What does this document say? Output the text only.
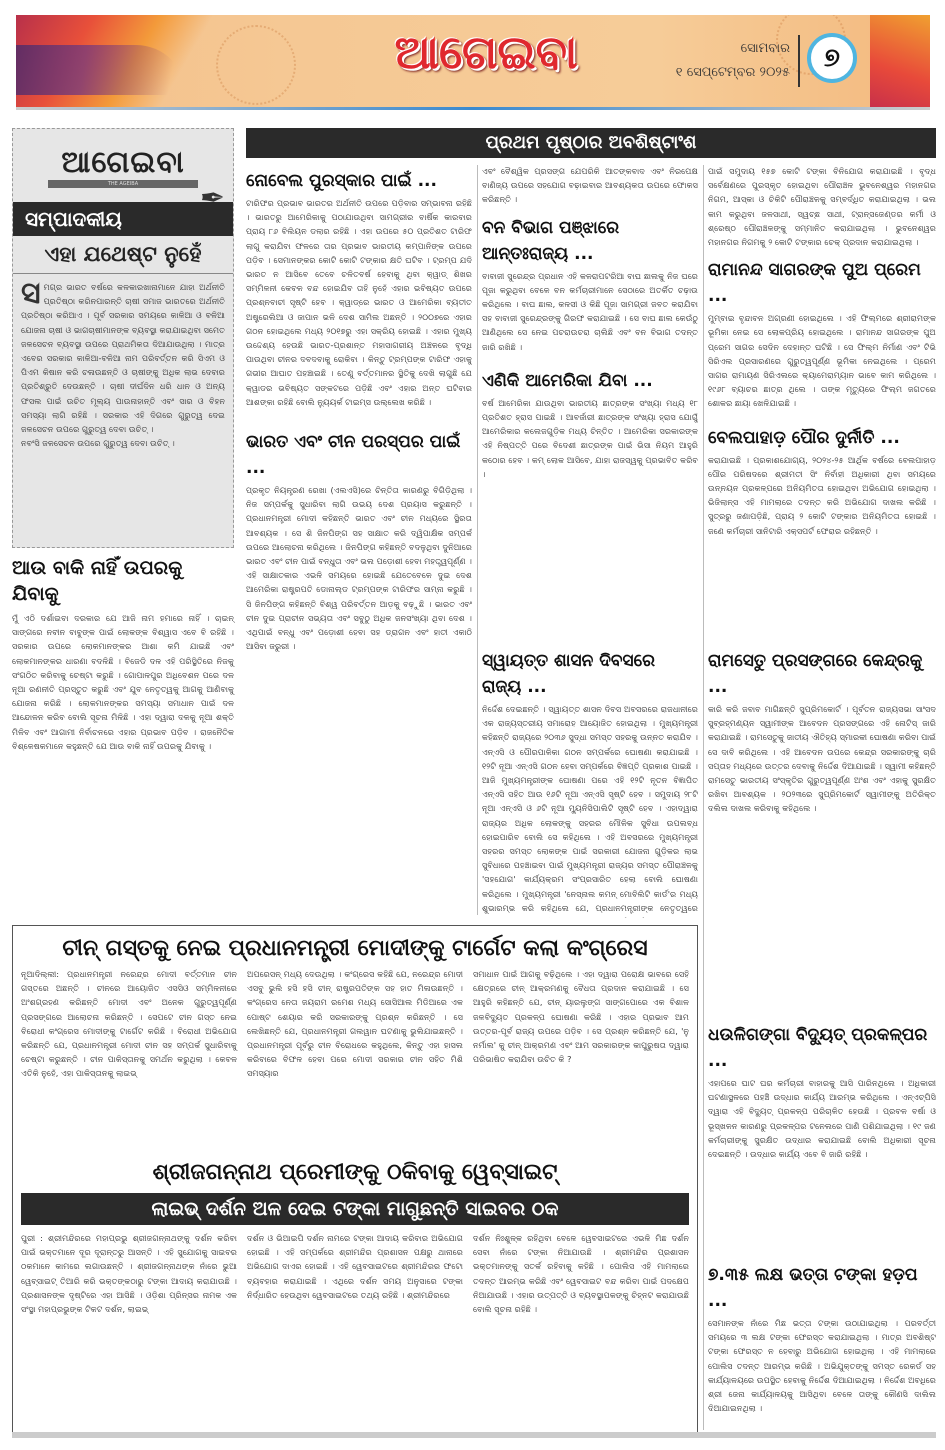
ଆଗେଇବା	ସୋମବାର
୧ ସେପ୍ଟେମ୍ବର ୨୦୨୫	୭
ଆଗେଇବା
THE AGEIBA
ସମ୍ପାଦକୀୟ
✒
ଏହା ଯଥେଷ୍ଟ ନୁହେଁ
ସ ମଗ୍ର ଭାରତ ବର୍ଷରେ କଳକାରଖାନାମାନେ ଯାହା ଅର୍ଥନୀତି ପ୍ରତିଷ୍ଠା କରିନପାରନ୍ତି ଚାଷୀ ସମାଜ ଭାରତରେ ଅର୍ଥନୀତି ପ୍ରତିଷ୍ଠା କରିଆଏ । ପୂର୍ବ ସରକାର ସମୟରେ କାଳିଆ ଓ ବଳିଆ ଯୋଜନା ଚାଷୀ ଓ ଭାଗଚାଷୀମାନଙ୍କ ବ୍ୟବସ୍ଥା କରାଯାଇଥିବା ସମେତ ଜଳସେଚନ ବ୍ୟବସ୍ଥା ଉପରେ ପ୍ରାଥମିକତା ଦିଆଯାଉଥିଲା । ମାତ୍ର ଏବେର ସରକାର କାଳିଆ-ବଳିଆ ନାମ ପରିବର୍ତ୍ତନ କରି ସିଏମ ଓ ପିଏମ କିଷାନ କରି ଚଳାଉଛନ୍ତି ଓ ଚାଷୀଙ୍କୁ ଅଧିକ ଲାଭ ଦେବାର ପ୍ରତିଶ୍ରୁତି ଦେଉଛନ୍ତି । ଚାଷୀ ଦୀର୍ଘଦିନ ଧରି ଧାନ ଓ ଅନ୍ୟ ଫସଲ ପାଇଁ ଉଚିତ ମୂଲ୍ୟ ପାଉନାହାନ୍ତି ଏବଂ ସାର ଓ ବିହନ ସମସ୍ୟା ଲାଗି ରହିଛି । ସରକାର ଏହି ଦିଗରେ ଗୁରୁତ୍ୱ ଦେଇ ଜଳସେଚନ ଉପରେ ଗୁରୁତ୍ୱ ଦେବା ଉଚିତ୍ ।
ନବଂସି ଜଳସେଚନ ଉପରେ ଗୁରୁତ୍ୱ ଦେବା ଉଚିତ୍ ।
ଆଉ ବାକି ନାହିଁ ଉପରକୁ ଯିବାକୁ
ମୁଁ ଏଠି ଦର୍ଶାଇବା ଦରକାର ଯେ ଆଜି ନାମ ହମାରେ ନାହିଁ । ଚାଇନ୍ ସାଙ୍ଗରେ ନବୀନ ବାବୁଙ୍କ ପାଇଁ ଲୋକଙ୍କ ବିଶ୍ୱାସ ଏବେ ବି ରହିଛି । ସରକାର ଉପରେ ଲୋକମାନଙ୍କର ଆଶା କମି ଯାଇଛି ଏବଂ ଲୋକମାନଙ୍କର ଧାରଣା ବଦଳିଛି । ବିଜେଡି ଦଳ ଏହି ପରିସ୍ଥିତିରେ ନିଜକୁ ସଂଗଠିତ କରିବାକୁ ଚେଷ୍ଟା କରୁଛି । ଗୋପାଳପୁର ଅଧିବେଶନ ପରେ ଦଳ ନୂଆ ରଣନୀତି ପ୍ରସ୍ତୁତ କରୁଛି ଏବଂ ଯୁବ ନେତୃତ୍ୱକୁ ଆଗକୁ ଆଣିବାକୁ ଯୋଜନା କରିଛି । ଲୋକମାନଙ୍କର ସମସ୍ୟା ସମାଧାନ ପାଇଁ ଦଳ ଆନ୍ଦୋଳନ କରିବ ବୋଲି ସୂଚନା ମିଳିଛି । ଏହା ଦ୍ୱାରା ଦଳକୁ ନୂଆ ଶକ୍ତି ମିଳିବ ଏବଂ ଆଗାମୀ ନିର୍ବାଚନରେ ଏହାର ପ୍ରଭାବ ପଡ଼ିବ । ରାଜନୈତିକ ବିଶ୍ଳେଷକମାନେ କହୁଛନ୍ତି ଯେ ଆଉ ବାକି ନାହିଁ ଉପରକୁ ଯିବାକୁ ।
ପ୍ରଥମ ପୃଷ୍ଠାର ଅବଶିଷ୍ଟାଂଶ
ନୋବେଲ ପୁରସ୍କାର ପାଇଁ ...
ଟାରିଫର ପ୍ରଭାବ ଭାରତର ଅର୍ଥନୀତି ଉପରେ ପଡ଼ିବାର ସମ୍ଭାବନା ରହିଛି । ଭାରତରୁ ଆମେରିକାକୁ ପଠାଯାଉଥିବା ସାମଗ୍ରୀର ବାର୍ଷିକ କାରବାର ପ୍ରାୟ ୮୬ ବିଲିୟନ ଡଲାର ରହିଛି । ଏହା ଉପରେ ୫୦ ପ୍ରତିଶତ ଟାରିଫ ଲାଗୁ କରାଯିବା ଫଳରେ ତାର ପ୍ରଭାବ ଭାରତୀୟ କମ୍ପାନିଙ୍କ ଉପରେ ପଡ଼ିବ । ସେମାନଙ୍କର କୋଟି କୋଟି ଟଙ୍କାର କ୍ଷତି ଘଟିବ । ଟ୍ରମ୍ପ ଯଦି ଭାରତ ନ ଆସିବେ ତେବେ ଚଳିତବର୍ଷ ହେବାକୁ ଥିବା କ୍ୱାଡ୍ ଶିଖର ସମ୍ମିଳନୀ କେବଳ ବନ୍ଦ ହୋଇଯିବ ତାହି ନୁହେଁ ଏହାର ଭବିଷ୍ୟତ ଉପରେ ପ୍ରଶ୍ନବାଚୀ ସୃଷ୍ଟି ହେବ । କ୍ୱାଡ୍‌ରେ ଭାରତ ଓ ଆମେରିକା ବ୍ୟତୀତ ଅଷ୍ଟ୍ରେଲିଆ ଓ ଜାପାନ ଭଳି ଦେଶ ସାମିଲ ଅଛନ୍ତି । ୨୦୦୭ରେ ଏହାର ଗଠନ ହୋଇଥିଲେ ମଧ୍ୟ ୨୦୧୭ରୁ ଏହା ସକ୍ରିୟ ହୋଇଛି । ଏହାର ମୁଖ୍ୟ ଉଦ୍ଦେଶ୍ୟ ହେଉଛି ଭାରତ-ପ୍ରଶାନ୍ତ ମହାସାଗରୀୟ ଅଞ୍ଚଳରେ ବୃଦ୍ଧି ପାଉଥିବା ଚୀନର ଦବଦବାକୁ ରୋକିବା । କିନ୍ତୁ ଟ୍ରମ୍ପଙ୍କ ଟାରିଫ ଏହାକୁ ଗଭୀର ଆଘାତ ପହଞ୍ଚାଇଛି । ତେଣୁ ବର୍ତ୍ତମାନର ସ୍ଥିତିକୁ ଦେଖି ଲାଗୁଛି ଯେ କ୍ୱାଡର ଭବିଷ୍ୟତ ସଙ୍କଟରେ ପଡ଼ିଛି ଏବଂ ଏହାର ଅନ୍ତ ଘଟିବାର ଆଶଙ୍କା ରହିଛି ବୋଲି ନ୍ୟୁୟର୍କ ଟାଇମ୍ସ ଉଲ୍ଲେଖ କରିଛି ।
ଭାରତ ଏବଂ ଚୀନ ପରସ୍ପର ପାଇଁ ...
ପ୍ରକୃତ ନିୟନ୍ତ୍ରଣ ରେଖା (ଏଲଏସି)ରେ ଚିନ୍ତିତା କାରଣରୁ ବିଗିଡ଼ିଥିଲା । ନିଜ ସମ୍ପର୍କକୁ ସୁଧାରିବା ଲାଗି ଉଭୟ ଦେଶ ପ୍ରୟାସ କରୁଛନ୍ତି । ପ୍ରଧାନମନ୍ତ୍ରୀ ମୋଦୀ କହିଛନ୍ତି ଭାରତ ଏବଂ ଚୀନ ମଧ୍ୟରେ ସ୍ଥିରତା ଆବଶ୍ୟକ । ସେ ଶି ଜିନପିଙ୍ଗ ସହ ସାକ୍ଷାତ କରି ଦ୍ୱିପାକ୍ଷିକ ସମ୍ପର୍କ ଉପରେ ଆଲୋଚନା କରିଥିଲେ । ଜିନପିଙ୍ଗ କହିଛନ୍ତି ବଦଳୁଥିବା ଦୁନିଆରେ ଭାରତ ଏବଂ ଚୀନ ପାଇଁ ବନ୍ଧୁତା ଏବଂ ଭଲ ପଡ଼ୋଶୀ ହେବା ମହତ୍ତ୍ୱପୂର୍ଣ୍ଣ । ଏହି ସାକ୍ଷାତକାର ଏଭଳି ସମୟରେ ହୋଇଛି ଯେତେବେଳେ ଦୁଇ ଦେଶ ଆମେରିକା ରାଷ୍ଟ୍ରପତି ଡୋନାଲ୍ଡ ଟ୍ରମ୍ପଙ୍କ ଟାରିଫର ସାମ୍ନା କରୁଛି । ସି ଜିନପିଙ୍ଗ କହିଛନ୍ତି ବିଶ୍ୱ ପରିବର୍ତ୍ତନ ଆଡ଼କୁ ବଢ଼ୁଛି । ଭାରତ ଏବଂ ଚୀନ ଦୁଇ ପ୍ରାଚୀନ ସଭ୍ୟତା ଏବଂ ସବୁଠୁ ଅଧିକ ଜନସଂଖ୍ୟା ଥିବା ଦେଶ । ଏଥିପାଇଁ ବନ୍ଧୁ ଏବଂ ପଡ଼ୋଶୀ ହେବା ସହ ଡ୍ରାଗନ ଏବଂ ହାତୀ ଏକାଠି ଆସିବା ଜରୁରୀ ।
ଏବଂ ବୈଶ୍ୱିକ ପ୍ରସଙ୍ଗ ଯେପରିକି ଆତଙ୍କବାଦ ଏବଂ ନିରପେକ୍ଷ ବାଣିଜ୍ୟ ଉପରେ ସହଯୋଗ ବଢ଼ାଇବାର ଆବଶ୍ୟକତା ଉପରେ ଫୋକସ କରିଛନ୍ତି ।
ବନ ବିଭାଗ ପଞ୍ଝାରେ ଆନ୍ତଃରାଜ୍ୟ ...
ବାବାଜୀ ସୁରେନ୍ଦ୍ର ପ୍ରଧାନ ଏହି କଳରାପଟରିଆ ବାଘ ଛାଲକୁ ନିଜ ଘରେ ପୂଜା କରୁଥିବା ବେଳେ ବନ କର୍ମଚାରୀମାନେ ସେଠାରେ ଅତର୍କିତ ଚଢ଼ାଉ କରିଥିଲେ । ବାଘ ଛାଲ, କଳସୀ ଓ କିଛି ପୂଜା ସାମଗ୍ରୀ ଜବତ କରାଯିବା ସହ ବାବାଜୀ ସୁରେନ୍ଦ୍ରଙ୍କୁ ଗିରଫ କରାଯାଇଛି । ସେ ବାଘ ଛାଲ କେଉଁଠୁ ଆଣିଥିଲେ ସେ ନେଇ ପଚରାଉଚରା ଚାଲିଛି ଏବଂ ବନ ବିଭାଗ ତଦନ୍ତ ଜାରି ରଖିଛି ।
ଏଣିକି ଆମେରିକା ଯିବା ...
ବର୍ଷ ଆମେରିକା ଯାଉଥିବା ଭାରତୀୟ ଛାତ୍ରଙ୍କ ସଂଖ୍ୟା ମଧ୍ୟ ୧୮ ପ୍ରତିଶତ ହ୍ରାସ ପାଇଛି । ଆବର୍ଜାରୀ ଛାତ୍ରଙ୍କ ସଂଖ୍ୟା ହ୍ରାସ ଯୋଗୁଁ ଆମେରିକାର କଲେଜଗୁଡ଼ିକ ମଧ୍ୟ ଚିନ୍ତିତ । ଆମେରିକା ସରକାରଙ୍କ ଏହି ନିଷ୍ପତ୍ତି ପରେ ବିଦେଶୀ ଛାତ୍ରଙ୍କ ପାଇଁ ଭିସା ନିୟମ ଆହୁରି କଠୋର ହେବ । କମ୍ ଲୋକ ଆସିବେ, ଯାହା ରାଜସ୍ୱକୁ ପ୍ରଭାବିତ କରିବ ।
ସ୍ୱାୟତ୍ତ ଶାସନ ଦିବସରେ ରାଜ୍ୟ ...
ନିର୍ଦ୍ଦେଶ ଦେଇଛନ୍ତି । ସ୍ୱାୟତ୍ତ ଶାସନ ଦିବସ ଅବସରରେ ରାଜଧାନୀରେ ଏକ ରାଜ୍ୟସ୍ତରୀୟ ସମାରୋହ ଆୟୋଜିତ ହୋଇଥିଲା । ମୁଖ୍ୟମନ୍ତ୍ରୀ କହିଛନ୍ତି ରାଜ୍ୟରେ ୨୦୩୬ ସୁଦ୍ଧା ସମସ୍ତ ସହରକୁ ଉନ୍ନତ କରାଯିବ । ଏନ୍‌ଏସି ଓ ପୌରପାଳିକା ଗଠନ ସମ୍ପର୍କରେ ଘୋଷଣା କରାଯାଇଛି । ୧୨ଟି ନୂଆ ଏନ୍‌ଏସି ଗଠନ ହେବା ସମ୍ପର୍କରେ ବିଜ୍ଞପ୍ତି ପ୍ରକାଶ ପାଇଛି । ଆଜି ମୁଖ୍ୟମନ୍ତ୍ରୀଙ୍କ ଘୋଷଣା ପରେ ଏହି ୧୨ଟି ନୂତନ ବିଜ୍ଞାପିତ ଏନ୍‌ଏସି ସହିତ ଆଉ ୧୬ଟି ନୂଆ ଏନ୍‌ଏସି ସୃଷ୍ଟି ହେବ । ସମୁଦାୟ ୨୮ଟି ନୂଆ ଏନ୍‌ଏସି ଓ ୬ଟି ନୂଆ ମ୍ୟୁନିସିପାଲିଟି ସୃଷ୍ଟି ହେବ । ଏହାଦ୍ୱାରା ରାଜ୍ୟର ଅଧିକ ଲୋକଙ୍କୁ ସହରର ମୌଳିକ ସୁବିଧା ଉପଲବ୍ଧ ହୋଇପାରିବ ବୋଲି ସେ କହିଥିଲେ । ଏହି ଅବସରରେ ମୁଖ୍ୟମନ୍ତ୍ରୀ ସହରର ସମସ୍ତ ଲୋକଙ୍କ ପାଇଁ ସରକାରୀ ଯୋଜନା ଗୁଡ଼ିକର ଲାଭ ସୁବିଧାରେ ପହଞ୍ଚାଇବା ପାଇଁ ମୁଖ୍ୟମନ୍ତ୍ରୀ ରାଜ୍ୟର ସମସ୍ତ ପୌରାଞ୍ଚଳକୁ 'ସହଯୋଗ' କାର୍ଯ୍ୟକ୍ରମ ସଂପ୍ରସାରିତ ହେଲା ବୋଲି ଘୋଷଣା କରିଥିଲେ । ମୁଖ୍ୟମନ୍ତ୍ରୀ 'ନେସ୍‌ନାଲ କମନ୍ ମୋବିଲିଟି କାର୍ଡ'ର ମଧ୍ୟ ଶୁଭାରମ୍ଭ କରି କହିଥିଲେ ଯେ, ପ୍ରଧାନମନ୍ତ୍ରୀଙ୍କ ନେତୃତ୍ୱରେ
ପାଇଁ ସମୁଦାୟ ୧୫୭ କୋଟି ଟଙ୍କା ବିନିଯୋଗ କରାଯାଇଛି । ବୃଦ୍ଧ ସର୍ବେକ୍ଷଣରେ ପୁରସ୍କୃତ ହୋଇଥିବା ପୌରାଞ୍ଚଳ ଭୁବନେଶ୍ୱର ମହାନଗର ନିଗମ, ଆସ୍କା ଓ ଚିକିଟି ପୌରାଞ୍ଚଳକୁ ସମ୍ବର୍ଦ୍ଧିତ କରାଯାଇଥିଲା । ଭଲ କାମ କରୁଥିବା ଜଳସାଥୀ, ସ୍ୱଚ୍ଛ ସାଥୀ, ଟ୍ରାନ୍ସଜେଣ୍ଡର କର୍ମୀ ଓ ଶ୍ରେଷ୍ଠ ପୌରାଞ୍ଚଳଙ୍କୁ ସମ୍ମାନିତ କରାଯାଇଥିଲା । ଭୁବନେଶ୍ୱର ମହାନଗର ନିଗମକୁ ୨ କୋଟି ଟଙ୍କାର ଚେକ୍ ପ୍ରଦାନ କରାଯାଇଥିଲା ।
ରାମାନନ୍ଦ ସାଗରଙ୍କ ପୁଅ ପ୍ରେମ ...
ମୁମ୍ବାଇ ବୃନ୍ଦାବନ ଅଗ୍ରଣୀ ହୋଇଥିଲେ । ଏହି ଫିଲ୍ମରେ ଶ୍ରୀରାମଙ୍କ ଭୂମିକା ନେଇ ସେ ଲୋକପ୍ରିୟ ହୋଇଥିଲେ । ରାମାନନ୍ଦ ସାଗରଙ୍କ ପୁଅ ପ୍ରେମ ସାଗର ସେଦିନ ଦେହାନ୍ତ ଘଟିଛି । ସେ ଫିଲ୍ମ ନିର୍ମାଣ ଏବଂ ଟିଭି ସିରିଏଲ ପ୍ରସାରଣରେ ଗୁରୁତ୍ୱପୂର୍ଣ୍ଣ ଭୂମିକା ନେଇଥିଲେ । ପ୍ରେମ ସାଗର ରାମାୟଣ ସିରିଏଲରେ କ୍ୟାମେରାମ୍ୟାନ ଭାବେ କାମ କରିଥିଲେ । ୧୯୬୮ ବ୍ୟାଚର ଛାତ୍ର ଥିଲେ । ତାଙ୍କ ମୃତ୍ୟୁରେ ଫିଲ୍ମ ଜଗତରେ ଶୋକର ଛାୟା ଖେଳିଯାଇଛି ।
ବେଲପାହାଡ଼ ପୌର ଦୁର୍ନୀତି ...
କରାଯାଇଛି । ପ୍ରକାଶଯୋଗ୍ୟ, ୨୦୨୪-୨୫ ଆର୍ଥିକ ବର୍ଷରେ ବେଲପାହାଡ଼ ପୌର ପରିଷଦରେ ଶ୍ରୀମତୀ ସିଂ ନିର୍ବାହୀ ଅଧିକାରୀ ଥିବା ସମୟରେ ଉନ୍ନୟନ ପ୍ରକଳ୍ପରେ ଅନିୟମିତତା ହୋଇଥିବା ଅଭିଯୋଗ ହୋଇଥିଲା । ଭିଜିଲାନ୍ସ ଏହି ମାମଲାରେ ତଦନ୍ତ କରି ଅଭିଯୋଗ ଦାଖଲ କରିଛି । ସୁତ୍ରରୁ ଜଣାପଡ଼ିଛି, ପ୍ରାୟ ୨ କୋଟି ଟଙ୍କାର ଅନିୟମିତତା ହୋଇଛି । ଜଣେ କର୍ମଚାରୀ ସାନିଟାରି ଏକ୍ସପର୍ଟ ଫେରାର ରହିଛନ୍ତି ।
ରାମସେତୁ ପ୍ରସଙ୍ଗରେ କେନ୍ଦ୍ରକୁ ...
କାରି କରି ଜବାବ ମାଗିଛନ୍ତି ସୁପ୍ରିମକୋର୍ଟ । ପୂର୍ବତନ ରାଜ୍ୟସଭା ସାଂସଦ ସୁବ୍ରହ୍ମଣ୍ୟନ ସ୍ୱାମୀଙ୍କ ଆବେଦନ ପ୍ରସଙ୍ଗରେ ଏହି ନୋଟିସ୍ ଜାରି କରାଯାଇଛି । ରାମସେତୁକୁ ଜାତୀୟ ଐତିହ୍ୟ ସ୍ମାରକୀ ଘୋଷଣା କରିବା ପାଇଁ ସେ ଦାବି କରିଥିଲେ । ଏହି ଆବେଦନ ଉପରେ କେନ୍ଦ୍ର ସରକାରଙ୍କୁ ଚାରି ସପ୍ତାହ ମଧ୍ୟରେ ଉତ୍ତର ଦେବାକୁ ନିର୍ଦ୍ଦେଶ ଦିଆଯାଇଛି । ସ୍ୱାମୀ କହିଛନ୍ତି ରାମସେତୁ ଭାରତୀୟ ସଂସ୍କୃତିର ଗୁରୁତ୍ୱପୂର୍ଣ୍ଣ ଅଂଶ ଏବଂ ଏହାକୁ ସୁରକ୍ଷିତ ରଖିବା ଆବଶ୍ୟକ । ୨୦୨୩ରେ ସୁପ୍ରିମକୋର୍ଟ ସ୍ୱାମୀଙ୍କୁ ଅତିରିକ୍ତ ଦଲିଲ ଦାଖଲ କରିବାକୁ କହିଥିଲେ ।
ଧଉଳିଗଙ୍ଗା ବିଦ୍ୟୁତ୍ ପ୍ରକଳ୍ପର ...
ଏହାପରେ ଘାଟ ଘର କର୍ମଚାରୀ ବାହାରକୁ ଆସି ପାରିନଥିଲେ । ଅଧିକାରୀ ଘଟଣାସ୍ଥଳରେ ପହଞ୍ଚି ଉଦ୍ଧାର କାର୍ଯ୍ୟ ଆରମ୍ଭ କରିଥିଲେ । ଏନ୍‌ଏଚ୍‌ପିସି ଦ୍ୱାରା ଏହି ବିଦ୍ୟୁତ୍ ପ୍ରକଳ୍ପ ପରିଚାଳିତ ହେଉଛି । ପ୍ରବଳ ବର୍ଷା ଓ ଭୂସ୍ଖଳନ କାରଣରୁ ପ୍ରକଳ୍ପର ଟନେଲରେ ପାଣି ପଶିଯାଇଥିଲା । ୧୯ ଜଣ କର୍ମଚାରୀଙ୍କୁ ସୁରକ୍ଷିତ ଉଦ୍ଧାର କରାଯାଇଛି ବୋଲି ଅଧିକାରୀ ସୂଚନା ଦେଇଛନ୍ତି । ଉଦ୍ଧାର କାର୍ଯ୍ୟ ଏବେ ବି ଜାରି ରହିଛି ।
୭.୩୫ ଲକ୍ଷ ଭତ୍ତା ଟଙ୍କା ହଡ଼ପ ...
ସେମାନଙ୍କ ନାଁରେ ମିଛ ଭତ୍ତା ଟଙ୍କା ଉଠାଯାଇଥିଲା । ପରବର୍ତ୍ତୀ ସମୟରେ ୩ ଲକ୍ଷ ଟଙ୍କା ଫେରସ୍ତ କରାଯାଇଥିଲା । ମାତ୍ର ଅବଶିଷ୍ଟ ଟଙ୍କା ଫେରସ୍ତ ନ ହେବାରୁ ଅଭିଯୋଗ ହୋଇଥିଲା । ଏହି ମାମଲାରେ ପୋଲିସ ତଦନ୍ତ ଆରମ୍ଭ କରିଛି । ଅଭିଯୁକ୍ତଙ୍କୁ ସମସ୍ତ ରେକର୍ଡ ସହ କାର୍ଯ୍ୟାଳୟରେ ଉପସ୍ଥିତ ହେବାକୁ ନିର୍ଦ୍ଦେଶ ଦିଆଯାଇଥିଲା । ନିର୍ଦ୍ଦେଶ ଅବଧିରେ ଶ୍ରୀ ଜେନା କାର୍ଯ୍ୟାଳୟକୁ ଆସିଥିବା ବେଳେ ତାଙ୍କୁ କୌଣସି ଦାଲିଲ ଦିଆଯାଇନଥିଲା ।
ଚୀନ୍ ଗସ୍ତକୁ ନେଇ ପ୍ରଧାନମନ୍ତ୍ରୀ ମୋଦୀଙ୍କୁ ଟାର୍ଗେଟ କଲା କଂଗ୍ରେସ
ନୂଆଦିଲ୍ଲୀ: ପ୍ରଧାନମନ୍ତ୍ରୀ ନରେନ୍ଦ୍ର ମୋଦୀ ବର୍ତ୍ତମାନ ଚୀନ ଗସ୍ତରେ ଅଛନ୍ତି । ଚୀନରେ ଆୟୋଜିତ ଏସସିଓ ସମ୍ମିଳନୀରେ ଅଂଶଗ୍ରହଣ କରିଛନ୍ତି ମୋଦୀ ଏବଂ ଅନେକ ଗୁରୁତ୍ୱପୂର୍ଣ୍ଣ ପ୍ରସଙ୍ଗରେ ଆଲୋଚନା କରିଛନ୍ତି । ସେପଟେ ଚୀନ ଗସ୍ତ ନେଇ ବିରୋଧୀ କଂଗ୍ରେସ ମୋଦୀଙ୍କୁ ଟାର୍ଗେଟ କରିଛି । ବିରୋଧୀ ଅଭିଯୋଗ କରିଛନ୍ତି ଯେ, ପ୍ରଧାନମନ୍ତ୍ରୀ ମୋଦୀ ଚୀନ ସହ ସମ୍ପର୍କ ସୁଧାରିବାକୁ ଚେଷ୍ଟା କରୁଛନ୍ତି । ଚୀନ ପାକିସ୍ତାନକୁ ସମର୍ଥନ କରୁଥିଲା । କେବଳ ଏତିକି ନୁହେଁ, ଏହା ପାକିସ୍ତାନକୁ ଲାଇଭ୍
ଅପରେସନ୍ ମଧ୍ୟ ଦେଉଥିଲା । କଂଗ୍ରେସ କହିଛି ଯେ, ନରେନ୍ଦ୍ର ମୋଦୀ ଏସବୁ ଭୁଲି ହସି ହସି ଚୀନ୍ ରାଷ୍ଟ୍ରପତିଙ୍କ ସହ ହାତ ମିଳାଉଛନ୍ତି । କଂଗ୍ରେସ ନେତା ଜୟରାମ ରମେଶ ମଧ୍ୟ ସୋସିଆଲ ମିଡିଆରେ ଏକ ପୋଷ୍ଟ ଶେୟାର କରି ସରକାରଙ୍କୁ ପ୍ରଶ୍ନ କରିଛନ୍ତି । ସେ ଲେଖିଛନ୍ତି ଯେ, ପ୍ରଧାନମନ୍ତ୍ରୀ ଗଲୱାନ ଘଟଣାକୁ ଭୁଲିଯାଇଛନ୍ତି । ପ୍ରଧାନମନ୍ତ୍ରୀ ପୂର୍ବରୁ ଚୀନ ବିରୋଧରେ କହୁଥିଲେ, କିନ୍ତୁ ଏହା ହାସଲ କରିବାରେ ବିଫଳ ହେବା ପରେ ମୋଦୀ ସରକାର ଚୀନ ସହିତ ମିଶି ସମସ୍ୟାର
ସମାଧାନ ପାଇଁ ଆଗକୁ ବଢ଼ିଥିଲେ । ଏହା ଦ୍ୱାରା ପରୋକ୍ଷ ଭାବରେ ସେହି କ୍ଷେତ୍ରରେ ଚୀନ୍ ଆକ୍ରମଣକୁ ବୈଧତା ପ୍ରଦାନ କରାଯାଇଛି । ସେ ଆହୁରି କହିଛନ୍ତି ଯେ, ଚୀନ୍ ୟାରଲୁଙ୍ଗ ସାଙ୍ଗପୋରେ ଏକ ବିଶାଳ ଜଳବିଦ୍ୟୁତ ପ୍ରକଳ୍ପ ଘୋଷଣା କରିଛି । ଏହାର ପ୍ରଭାବ ଆମ ଉତ୍ତର-ପୂର୍ବ ରାଜ୍ୟ ଉପରେ ପଡ଼ିବ । ସେ ପ୍ରଶ୍ନ କରିଛନ୍ତି ଯେ, 'ନୁ ନର୍ମାଲ' କୁ ଚୀନ୍ ଆକ୍ରମଣ ଏବଂ ଆମ ସରକାରଙ୍କ କାପୁରୁଷତା ଦ୍ୱାରା ପରିଭାଷିତ କରାଯିବା ଉଚିତ କି ?
ଶ୍ରୀଜଗନ୍ନାଥ ପ୍ରେମୀଙ୍କୁ ଠକିବାକୁ ୱେବ୍‌ସାଇଟ୍
ଲାଇଭ୍ ଦର୍ଶନ ଅଳ ଦେଇ ଟଙ୍କା ମାଗୁଛନ୍ତି ସାଇବର ଠକ
ପୁରୀ : ଶ୍ରୀମନ୍ଦିରରେ ମହାପ୍ରଭୁ ଶ୍ରୀଜଗନ୍ନାଥଙ୍କୁ ଦର୍ଶନ କରିବା ପାଇଁ ଭକ୍ତମାନେ ଦୂର ଦୂରାନ୍ତରୁ ଆସନ୍ତି । ଏହି ସୁଯୋଗକୁ ସାଇବର ଠକମାନେ କାମରେ ଲଗାଉଛନ୍ତି । ଶ୍ରୀଜଗନ୍ନାଥଙ୍କ ନାଁରେ ଭୁଆ ୱେବ୍‌ସାଇଟ୍ ତିଆରି କରି ଭକ୍ତଙ୍କଠାରୁ ଟଙ୍କା ଆଦାୟ କରାଯାଉଛି । ପ୍ରଶାସନଙ୍କ ଦୃଷ୍ଟିରେ ଏହା ଆସିଛି । ଓଡ଼ିଶା ପ୍ରିନ୍ସର ନାମକ ଏକ ସଂସ୍ଥା ମହାପ୍ରଭୁଙ୍କ ଟିକଟ ଦର୍ଶନ, ଲାଇଭ୍
ଦର୍ଶନ ଓ ଭିଆଇପି ଦର୍ଶନ ନାମରେ ଟଙ୍କା ଆଦାୟ କରିବାର ଅଭିଯୋଗ ହୋଇଛି । ଏହି ସମ୍ପର୍କରେ ଶ୍ରୀମନ୍ଦିର ପ୍ରଶାସନ ପକ୍ଷରୁ ଥାନାରେ ଅଭିଯୋଗ ଦାଏର ହୋଇଛି । ଏହି ୱେବସାଇଟରେ ଶ୍ରୀମନ୍ଦିରର ଫଟୋ ବ୍ୟବହାର କରାଯାଇଛି । ଏଥିରେ ଦର୍ଶନ ସମୟ ଅନୁସାରେ ଟଙ୍କା ନିର୍ଦ୍ଧାରିତ ହେଉଥିବା ୱେବସାଇଟରେ ତଥ୍ୟ ରହିଛି । ଶ୍ରୀମନ୍ଦିରରେ
ଦର୍ଶନ ନିଃଶୁଳ୍କ ରହିଥିବା ବେଳେ ୱେବସାଇଟରେ ଏଭଳି ମିଛ ଦର୍ଶନ ସେବା ନାଁରେ ଟଙ୍କା ନିଆଯାଉଛି । ଶ୍ରୀମନ୍ଦିର ପ୍ରଶାସନ ଭକ୍ତମାନଙ୍କୁ ସତର୍କ ରହିବାକୁ କହିଛି । ପୋଲିସ ଏହି ମାମଲାରେ ତଦନ୍ତ ଆରମ୍ଭ କରିଛି ଏବଂ ୱେବସାଇଟ ବନ୍ଦ କରିବା ପାଇଁ ପଦକ୍ଷେପ ନିଆଯାଉଛି । ଏହାର ଉତ୍ପତ୍ତି ଓ ବ୍ୟବସ୍ଥାପକଙ୍କୁ ଚିହ୍ନଟ କରାଯାଉଛି ବୋଲି ସୂଚନା ରହିଛି ।
